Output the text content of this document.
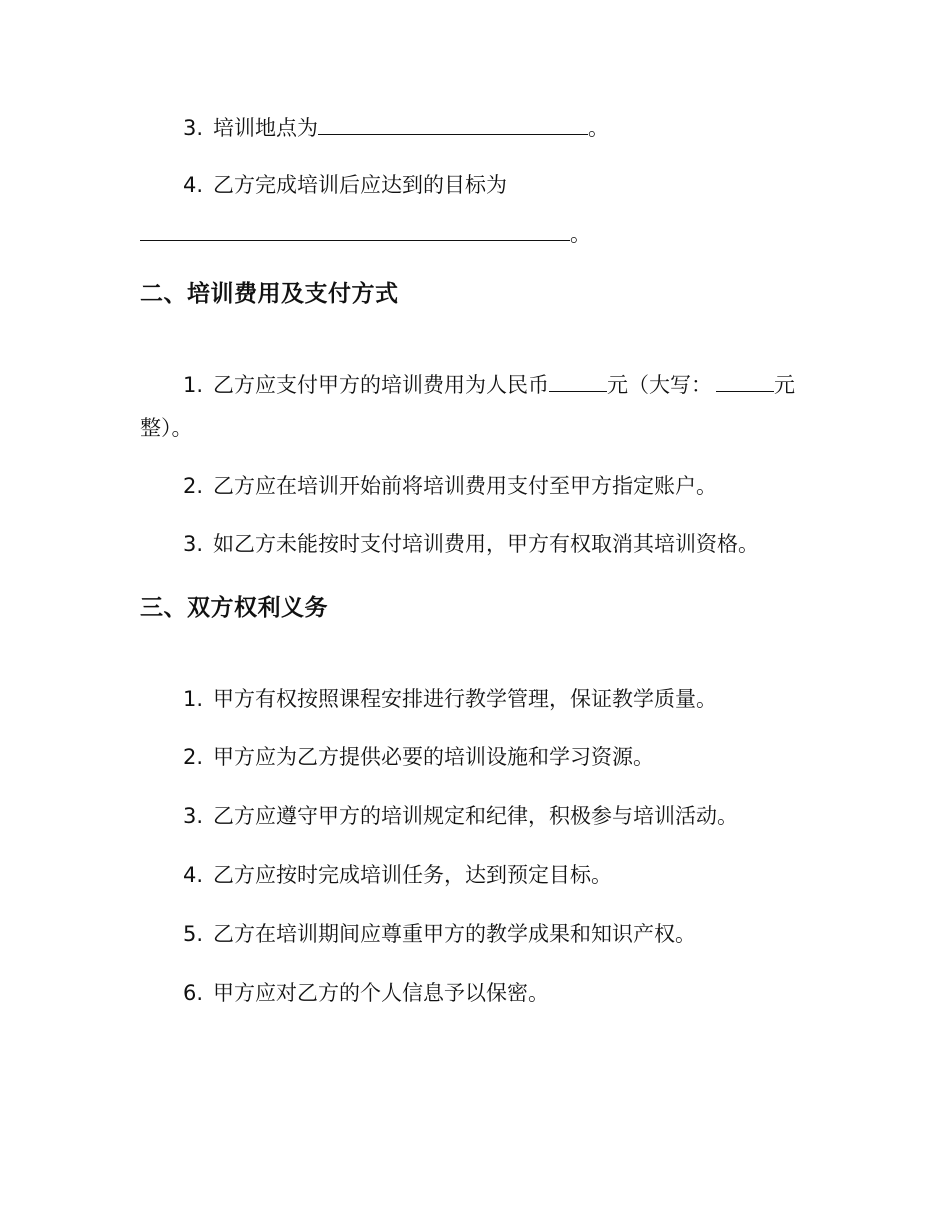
3. 培训地点为	。
4. 乙方完成培训后应达到的目标为
。
二、培训费用及支付方式
1. 乙方应支付甲方的培训费用为人民币	元（大写：	元
整）。
2. 乙方应在培训开始前将培训费用支付至甲方指定账户。
3. 如乙方未能按时支付培训费用，甲方有权取消其培训资格。
三、双方权利义务
1. 甲方有权按照课程安排进行教学管理，保证教学质量。
2. 甲方应为乙方提供必要的培训设施和学习资源。
3. 乙方应遵守甲方的培训规定和纪律，积极参与培训活动。
4. 乙方应按时完成培训任务，达到预定目标。
5. 乙方在培训期间应尊重甲方的教学成果和知识产权。
6. 甲方应对乙方的个人信息予以保密。
